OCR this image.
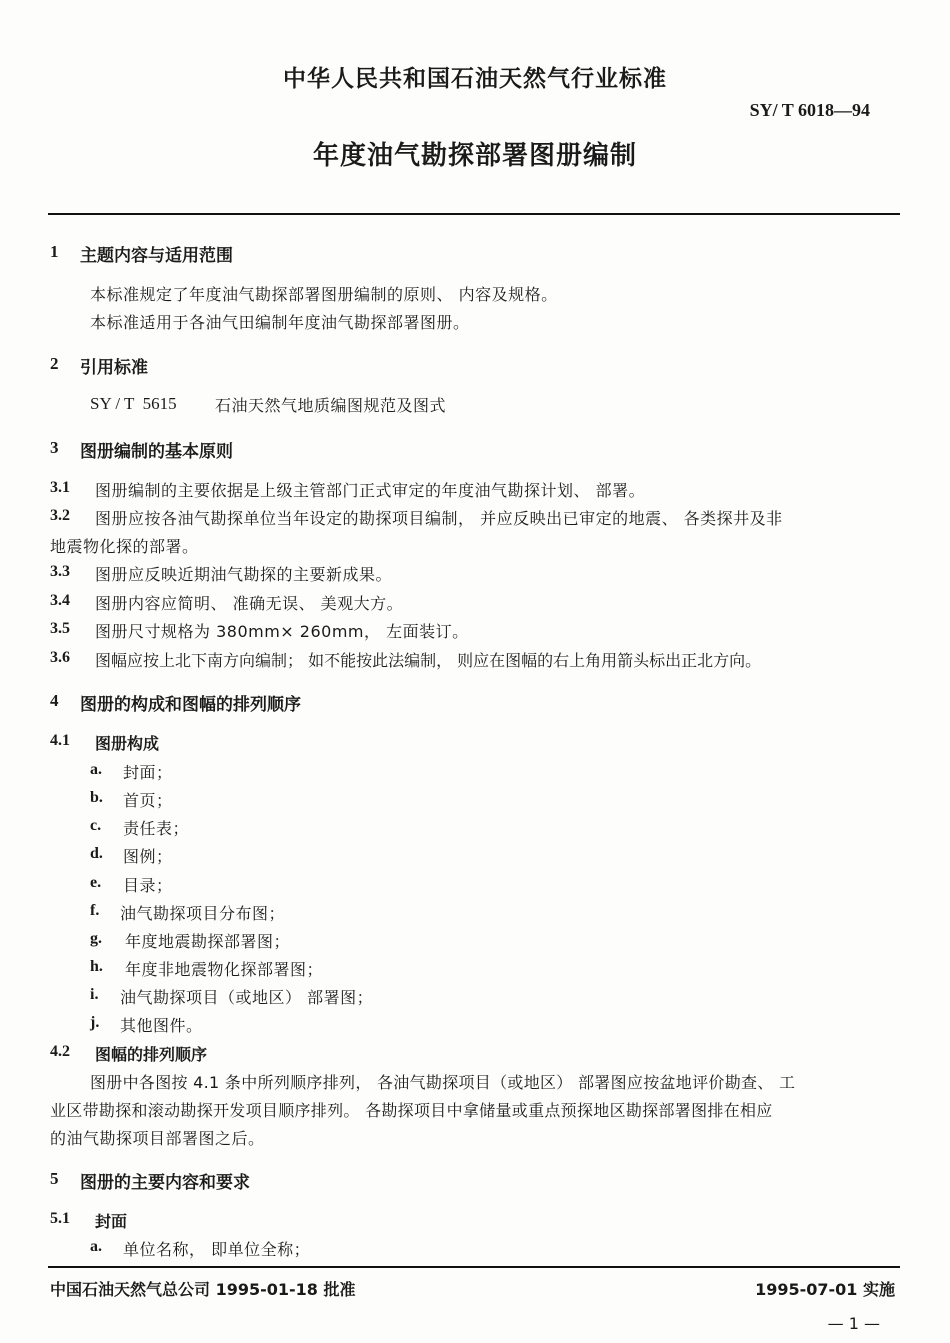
中华人民共和国石油天然气行业标准
SY/ T 6018—94
年度油气勘探部署图册编制
1 主题内容与适用范围
本标准规定了年度油气勘探部署图册编制的原则、 内容及规格。
本标准适用于各油气田编制年度油气勘探部署图册。
2 引用标准
SY / T  5615 石油天然气地质编图规范及图式
3 图册编制的基本原则
3.1 图册编制的主要依据是上级主管部门正式审定的年度油气勘探计划、 部署。
3.2 图册应按各油气勘探单位当年设定的勘探项目编制， 并应反映出已审定的地震、 各类探井及非
地震物化探的部署。
3.3 图册应反映近期油气勘探的主要新成果。
3.4 图册内容应简明、 准确无误、 美观大方。
3.5 图册尺寸规格为 380mm× 260mm， 左面装订。
3.6 图幅应按上北下南方向编制； 如不能按此法编制， 则应在图幅的右上角用箭头标出正北方向。
4 图册的构成和图幅的排列顺序
4.1 图册构成
a. 封面；
b. 首页；
c. 责任表；
d. 图例；
e. 目录；
f. 油气勘探项目分布图；
g. 年度地震勘探部署图；
h. 年度非地震物化探部署图；
i. 油气勘探项目（或地区） 部署图；
j. 其他图件。
4.2 图幅的排列顺序
图册中各图按 4.1 条中所列顺序排列， 各油气勘探项目（或地区） 部署图应按盆地评价勘查、 工
业区带勘探和滚动勘探开发项目顺序排列。 各勘探项目中拿储量或重点预探地区勘探部署图排在相应
的油气勘探项目部署图之后。
5 图册的主要内容和要求
5.1 封面
a. 单位名称， 即单位全称；
中国石油天然气总公司 1995-01-18 批准	1995-07-01 实施
— 1 —
